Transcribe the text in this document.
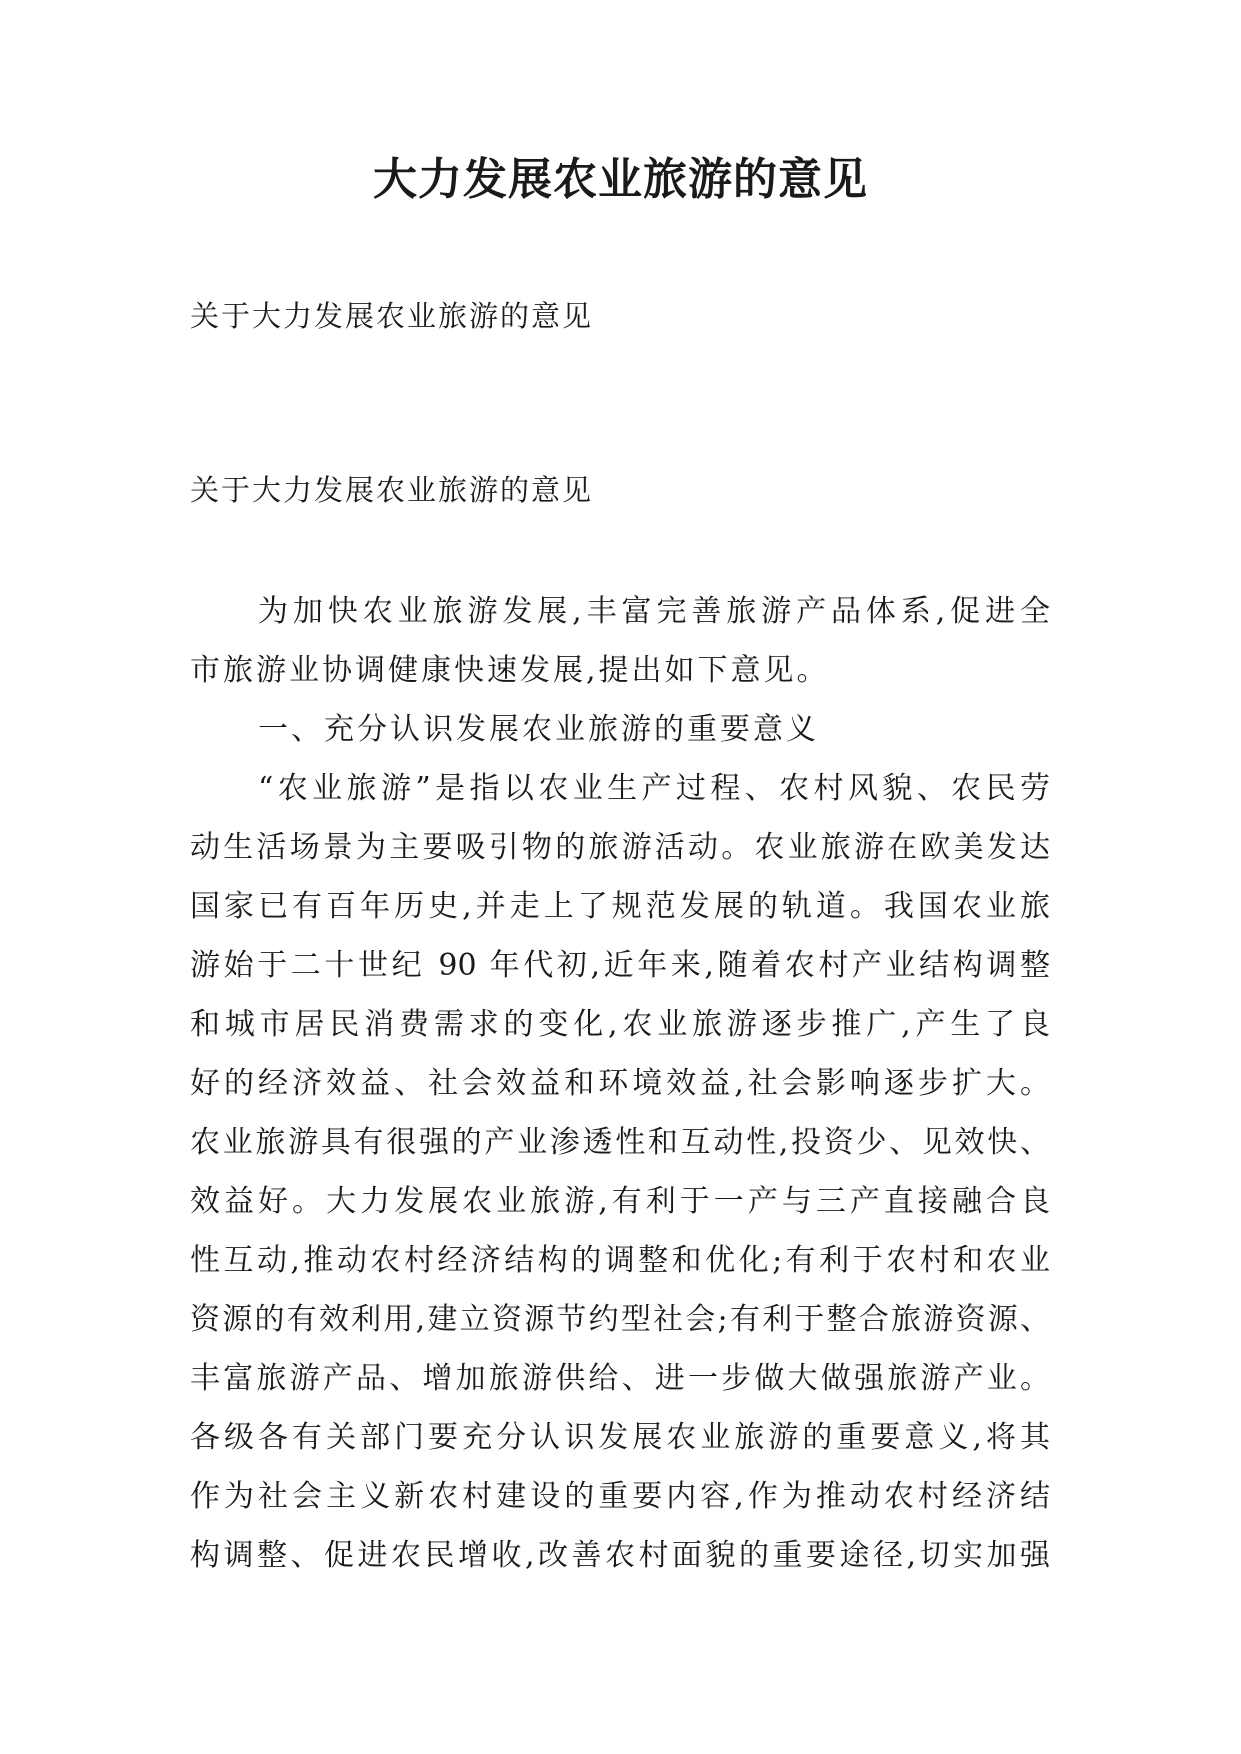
大力发展农业旅游的意见
关于大力发展农业旅游的意见
关于大力发展农业旅游的意见
为加快农业旅游发展,丰富完善旅游产品体系,促进全
市旅游业协调健康快速发展,提出如下意见。
一、充分认识发展农业旅游的重要意义
“农业旅游”是指以农业生产过程、农村风貌、农民劳
动生活场景为主要吸引物的旅游活动。农业旅游在欧美发达
国家已有百年历史,并走上了规范发展的轨道。我国农业旅
游始于二十世纪 90 年代初,近年来,随着农村产业结构调整
和城市居民消费需求的变化,农业旅游逐步推广,产生了良
好的经济效益、社会效益和环境效益,社会影响逐步扩大。
农业旅游具有很强的产业渗透性和互动性,投资少、见效快、
效益好。大力发展农业旅游,有利于一产与三产直接融合良
性互动,推动农村经济结构的调整和优化;有利于农村和农业
资源的有效利用,建立资源节约型社会;有利于整合旅游资源、
丰富旅游产品、增加旅游供给、进一步做大做强旅游产业。
各级各有关部门要充分认识发展农业旅游的重要意义,将其
作为社会主义新农村建设的重要内容,作为推动农村经济结
构调整、促进农民增收,改善农村面貌的重要途径,切实加强
